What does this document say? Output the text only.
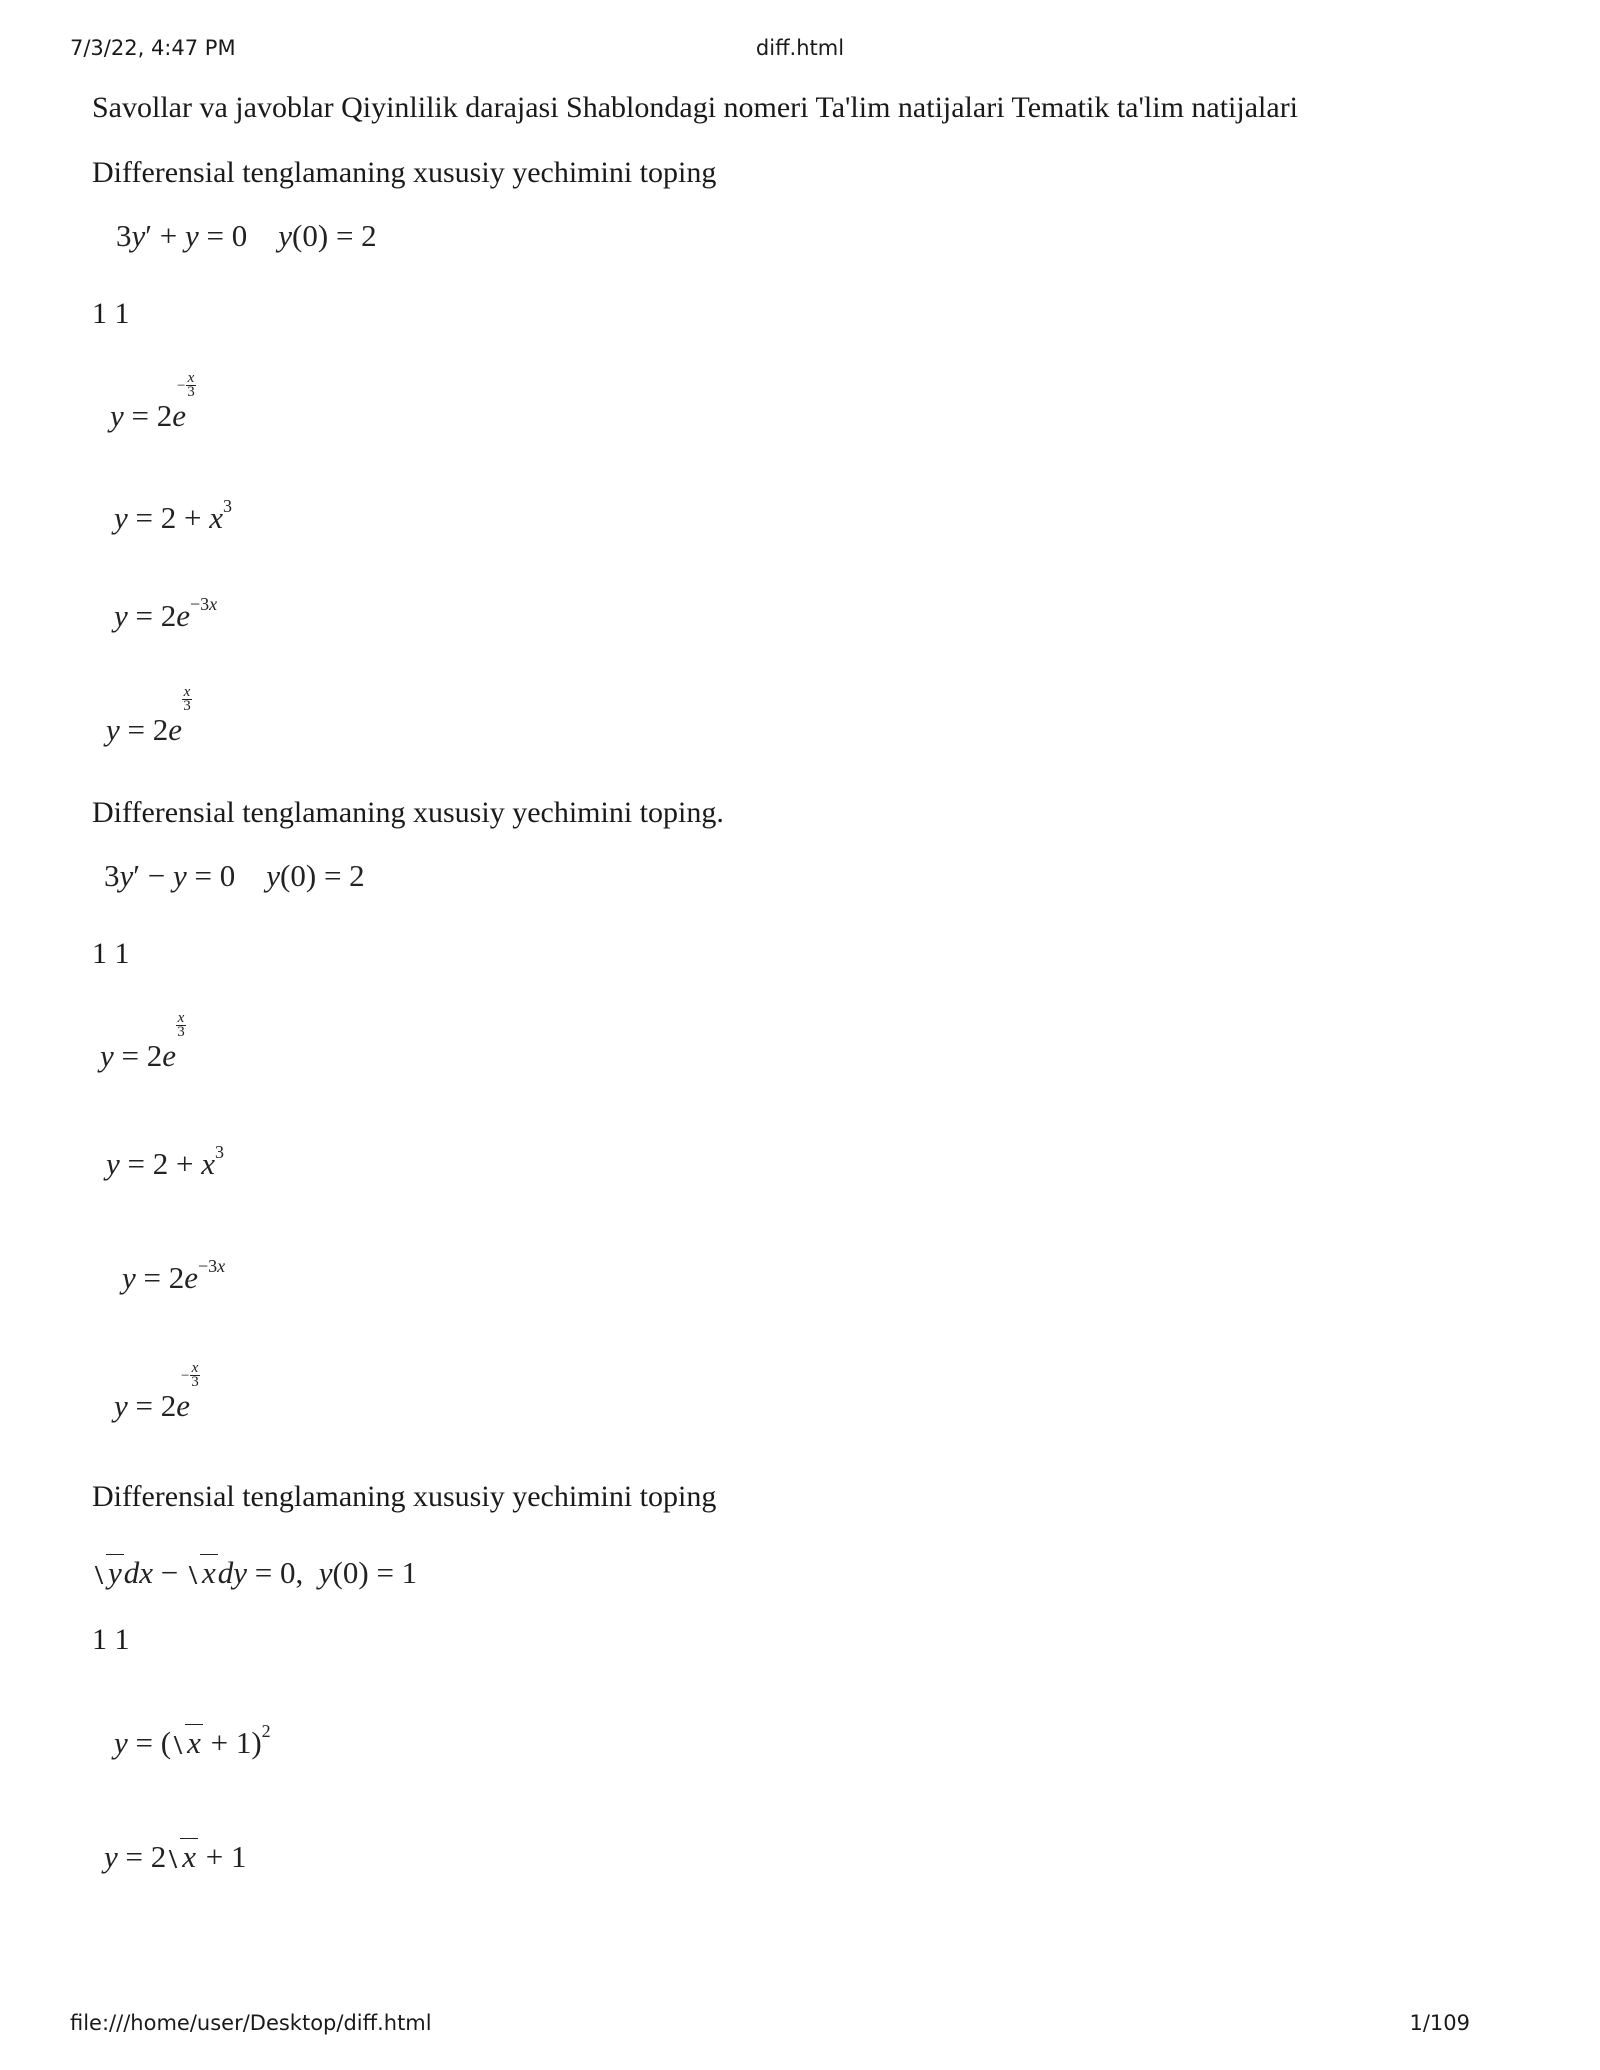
7/3/22, 4:47 PM	diff.html
Savollar va javoblar Qiyinlilik darajasi Shablondagi nomeri Ta'lim natijalari Tematik ta'lim natijalari
Differensial tenglamaning xususiy yechimini toping
3y′ + y = 0    y(0) = 2
1 1
y = 2e
− x
3
$y = 2 + x^3$
$y = 2e^{-3x}$
y = 2e
$\frac{x}{3}$
Differensial tenglamaning xususiy yechimini toping.
3y′ − y = 0    y(0) = 2
1 1
y = 2e
$\frac{x}{3}$
$y = 2 + x^3$
$y = 2e^{-3x}$
y = 2e
− x
3
Differensial tenglamaning xususiy yechimini toping
ydx − xdy = 0,  y(0) = 1
1 1
y = ( x + 1)$^2$
y = 2 x + 1
file:///home/user/Desktop/diff.html	1/109
